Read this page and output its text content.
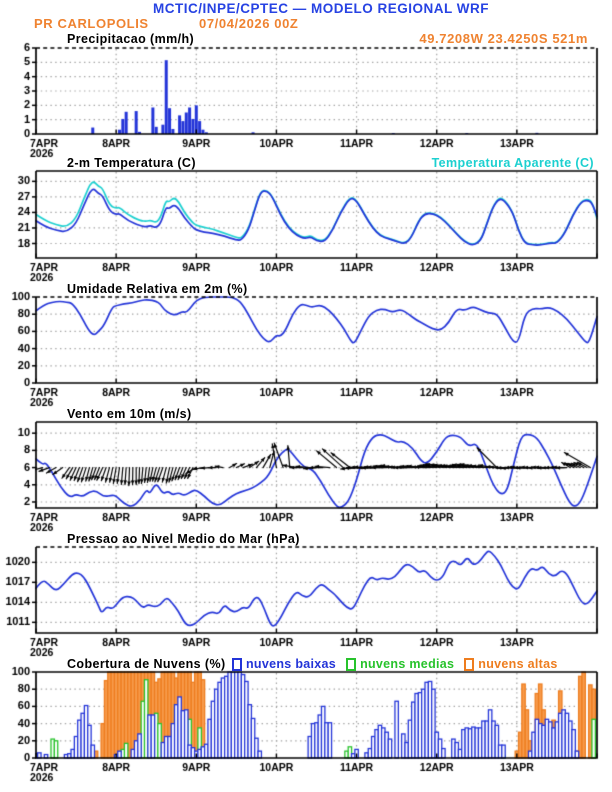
MCTIC/INPE/CPTEC — MODELO REGIONAL WRF
PR CARLOPOLIS	07/04/2026 00Z
49.7208W 23.4250S 521m
Precipitacao (mm/h)
2-m Temperatura (C)	Temperatura Aparente (C)
Umidade Relativa em 2m (%)
Vento em 10m (m/s)
Pressao ao Nivel Medio do Mar (hPa)
Cobertura de Nuvens (%) nuvens baixas nuvens medias nuvens altas
